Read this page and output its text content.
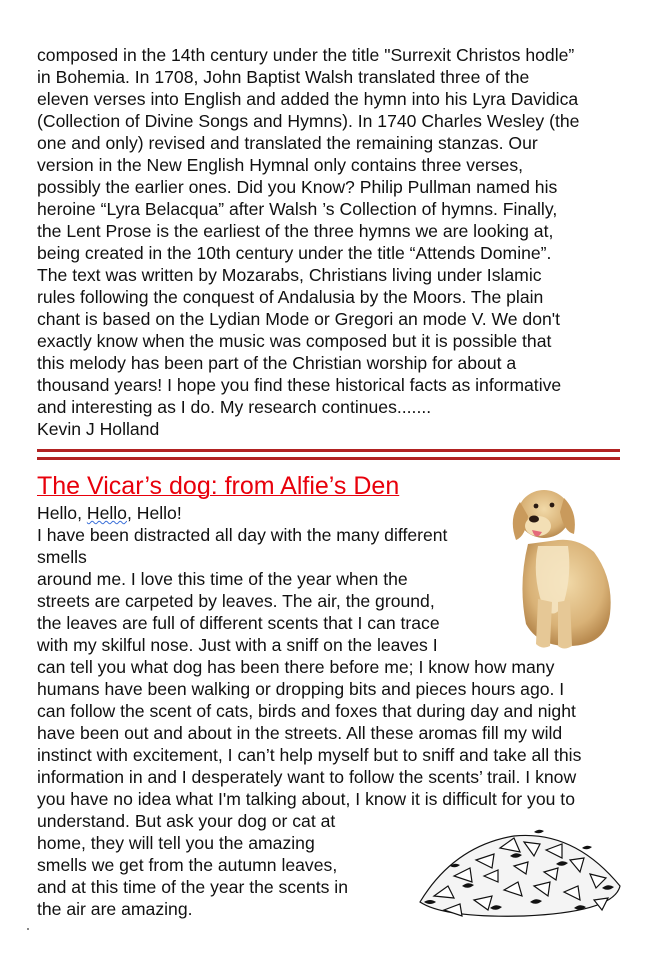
composed in the 14th century under the title "Surrexit Christos hodle”
in Bohemia. In 1708, John Baptist Walsh translated three of the
eleven verses into English and added the hymn into his Lyra Davidica
(Collection of Divine Songs and Hymns). In 1740 Charles Wesley (the
one and only) revised and translated the remaining stanzas. Our
version in the New English Hymnal only contains three verses,
possibly the earlier ones. Did you Know? Philip Pullman named his
heroine “Lyra Belacqua” after Walsh ’s Collection of hymns. Finally,
the Lent Prose is the earliest of the three hymns we are looking at,
being created in the 10th century under the title “Attends Domine”.
The text was written by Mozarabs, Christians living under Islamic
rules following the conquest of Andalusia by the Moors. The plain
chant is based on the Lydian Mode or Gregori an mode V. We don't
exactly know when the music was composed but it is possible that
this melody has been part of the Christian worship for about a
thousand years! I hope you find these historical facts as informative
and interesting as I do. My research continues.......
Kevin J Holland
The Vicar’s dog: from Alfie’s Den
Hello, Hello, Hello!
I have been distracted all day with the many different
smells
around me. I love this time of the year when the
streets are carpeted by leaves. The air, the ground,
the leaves are full of different scents that I can trace
with my skilful nose. Just with a sniff on the leaves I
can tell you what dog has been there before me; I know how many
humans have been walking or dropping bits and pieces hours ago. I
can follow the scent of cats, birds and foxes that during day and night
have been out and about in the streets. All these aromas fill my wild
instinct with excitement, I can’t help myself but to sniff and take all this
information in and I desperately want to follow the scents’ trail. I know
you have no idea what I'm talking about, I know it is difficult for you to
understand. But ask your dog or cat at
home, they will tell you the amazing
smells we get from the autumn leaves,
and at this time of the year the scents in
the air are amazing.
